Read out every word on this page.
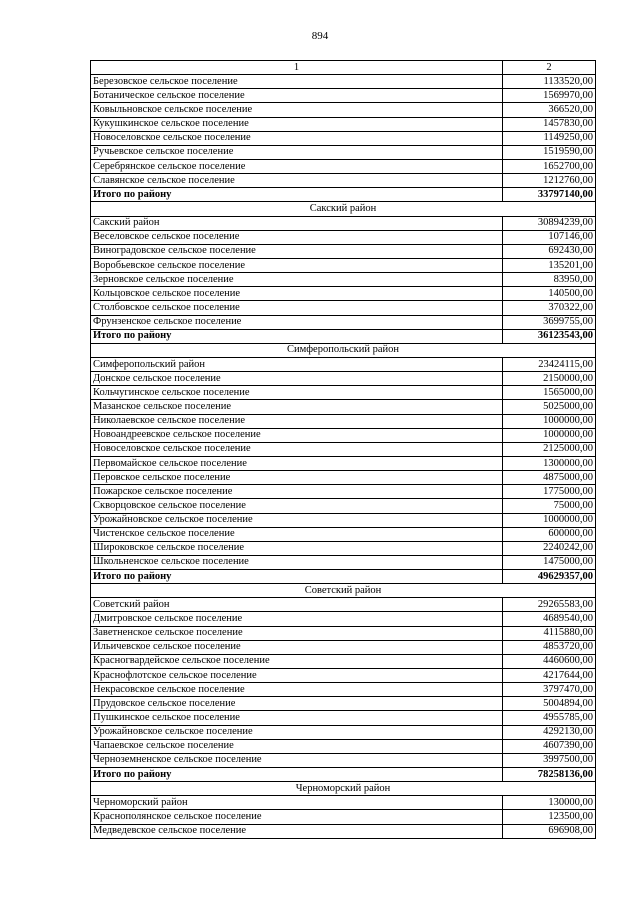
894
1	2
Березовское сельское поселение	1133520,00
Ботаническое сельское поселение	1569970,00
Ковыльновское сельское поселение	366520,00
Кукушкинское сельское поселение	1457830,00
Новоселовское сельское поселение	1149250,00
Ручьевское сельское поселение	1519590,00
Серебрянское сельское поселение	1652700,00
Славянское сельское поселение	1212760,00
Итого по району	33797140,00
Сакский район	
Сакский район	30894239,00
Веселовское сельское поселение	107146,00
Виноградовское сельское поселение	692430,00
Воробьевское сельское поселение	135201,00
Зерновское сельское поселение	83950,00
Кольцовское сельское поселение	140500,00
Столбовское сельское поселение	370322,00
Фрунзенское сельское поселение	3699755,00
Итого по району	36123543,00
Симферопольский район	
Симферопольский район	23424115,00
Донское сельское поселение	2150000,00
Кольчугинское сельское поселение	1565000,00
Мазанское сельское поселение	5025000,00
Николаевское сельское поселение	1000000,00
Новоандреевское сельское поселение	1000000,00
Новоселовское сельское поселение	2125000,00
Первомайское сельское поселение	1300000,00
Перовское сельское поселение	4875000,00
Пожарское сельское поселение	1775000,00
Скворцовское сельское поселение	75000,00
Урожайновское сельское поселение	1000000,00
Чистенское сельское поселение	600000,00
Широковское сельское поселение	2240242,00
Школьненское сельское поселение	1475000,00
Итого по району	49629357,00
Советский район	
Советский район	29265583,00
Дмитровское сельское поселение	4689540,00
Заветненское сельское поселение	4115880,00
Ильичевское сельское поселение	4853720,00
Красногвардейское сельское поселение	4460600,00
Краснофлотское сельское поселение	4217644,00
Некрасовское сельское поселение	3797470,00
Прудовское сельское поселение	5004894,00
Пушкинское сельское поселение	4955785,00
Урожайновское сельское поселение	4292130,00
Чапаевское сельское поселение	4607390,00
Черноземненское сельское поселение	3997500,00
Итого по району	78258136,00
Черноморский район	
Черноморский район	130000,00
Краснополянское сельское поселение	123500,00
Медведевское сельское поселение	696908,00
